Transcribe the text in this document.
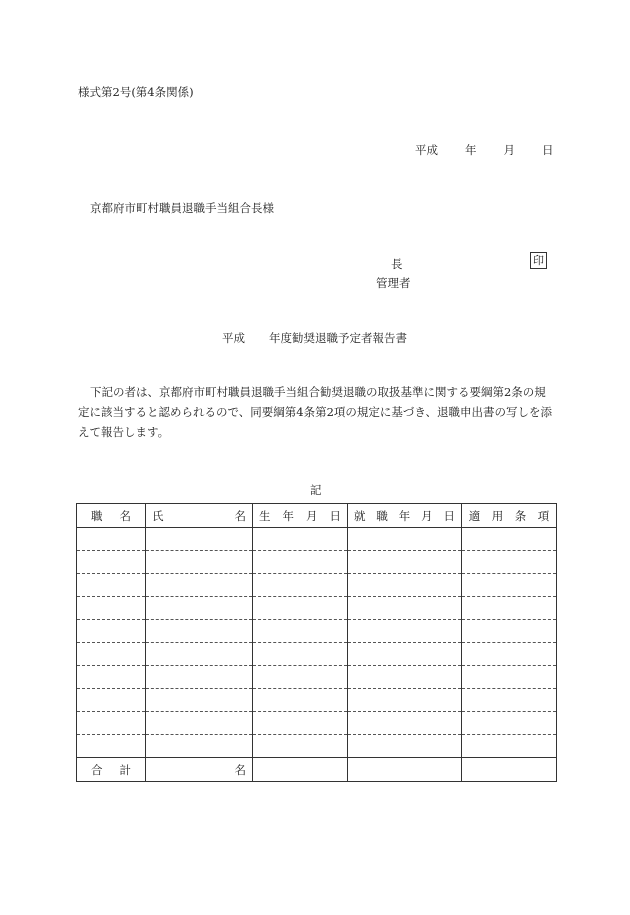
様式第2号(第4条関係)
平成 年 月 日
京都府市町村職員退職手当組合長様
長	印
管理者
平成 年度勧奨退職予定者報告書
下記の者は、京都府市町村職員退職手当組合勧奨退職の取扱基準に関する要綱第2条の規定に該当すると認められるので、同要綱第4条第2項の規定に基づき、退職申出書の写しを添えて報告します。
記
職 名	氏 名	生 年 月 日	就 職 年 月 日	適　用　条　項

合 計	名			
